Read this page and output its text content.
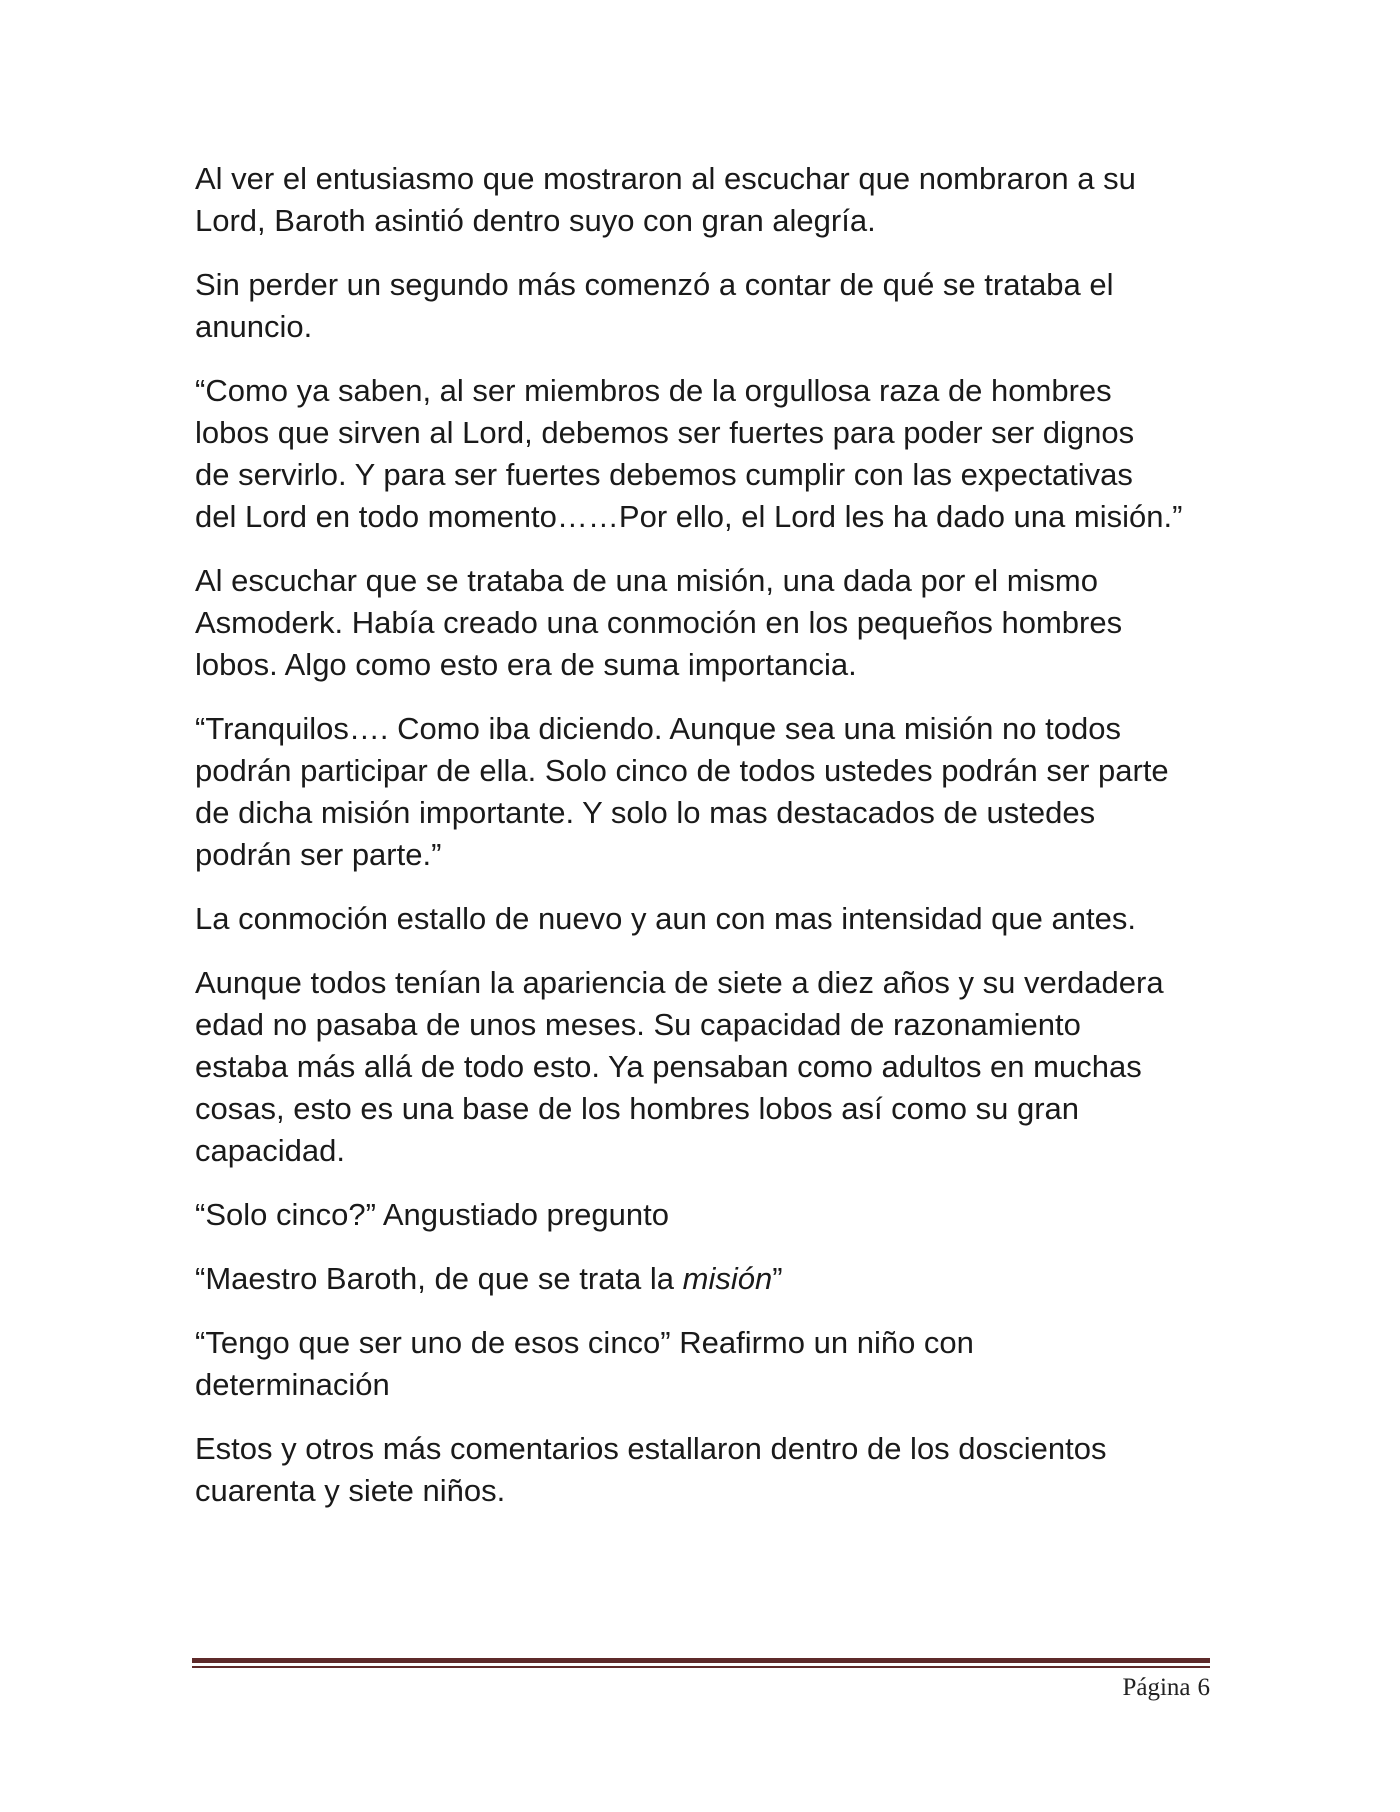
Al ver el entusiasmo que mostraron al escuchar que nombraron a su
Lord, Baroth asintió dentro suyo con gran alegría.

Sin perder un segundo más comenzó a contar de qué se trataba el
anuncio.

“Como ya saben, al ser miembros de la orgullosa raza de hombres
lobos que sirven al Lord, debemos ser fuertes para poder ser dignos
de servirlo. Y para ser fuertes debemos cumplir con las expectativas
del Lord en todo momento……Por ello, el Lord les ha dado una misión.”

Al escuchar que se trataba de una misión, una dada por el mismo
Asmoderk. Había creado una conmoción en los pequeños hombres
lobos. Algo como esto era de suma importancia.

“Tranquilos…. Como iba diciendo. Aunque sea una misión no todos
podrán participar de ella. Solo cinco de todos ustedes podrán ser parte
de dicha misión importante. Y solo lo mas destacados de ustedes
podrán ser parte.”

La conmoción estallo de nuevo y aun con mas intensidad que antes.

Aunque todos tenían la apariencia de siete a diez años y su verdadera
edad no pasaba de unos meses. Su capacidad de razonamiento
estaba más allá de todo esto. Ya pensaban como adultos en muchas
cosas, esto es una base de los hombres lobos así como su gran
capacidad.

“Solo cinco?” Angustiado pregunto

“Maestro Baroth, de que se trata la misión”

“Tengo que ser uno de esos cinco” Reafirmo un niño con
determinación

Estos y otros más comentarios estallaron dentro de los doscientos
cuarenta y siete niños.

Página 6
